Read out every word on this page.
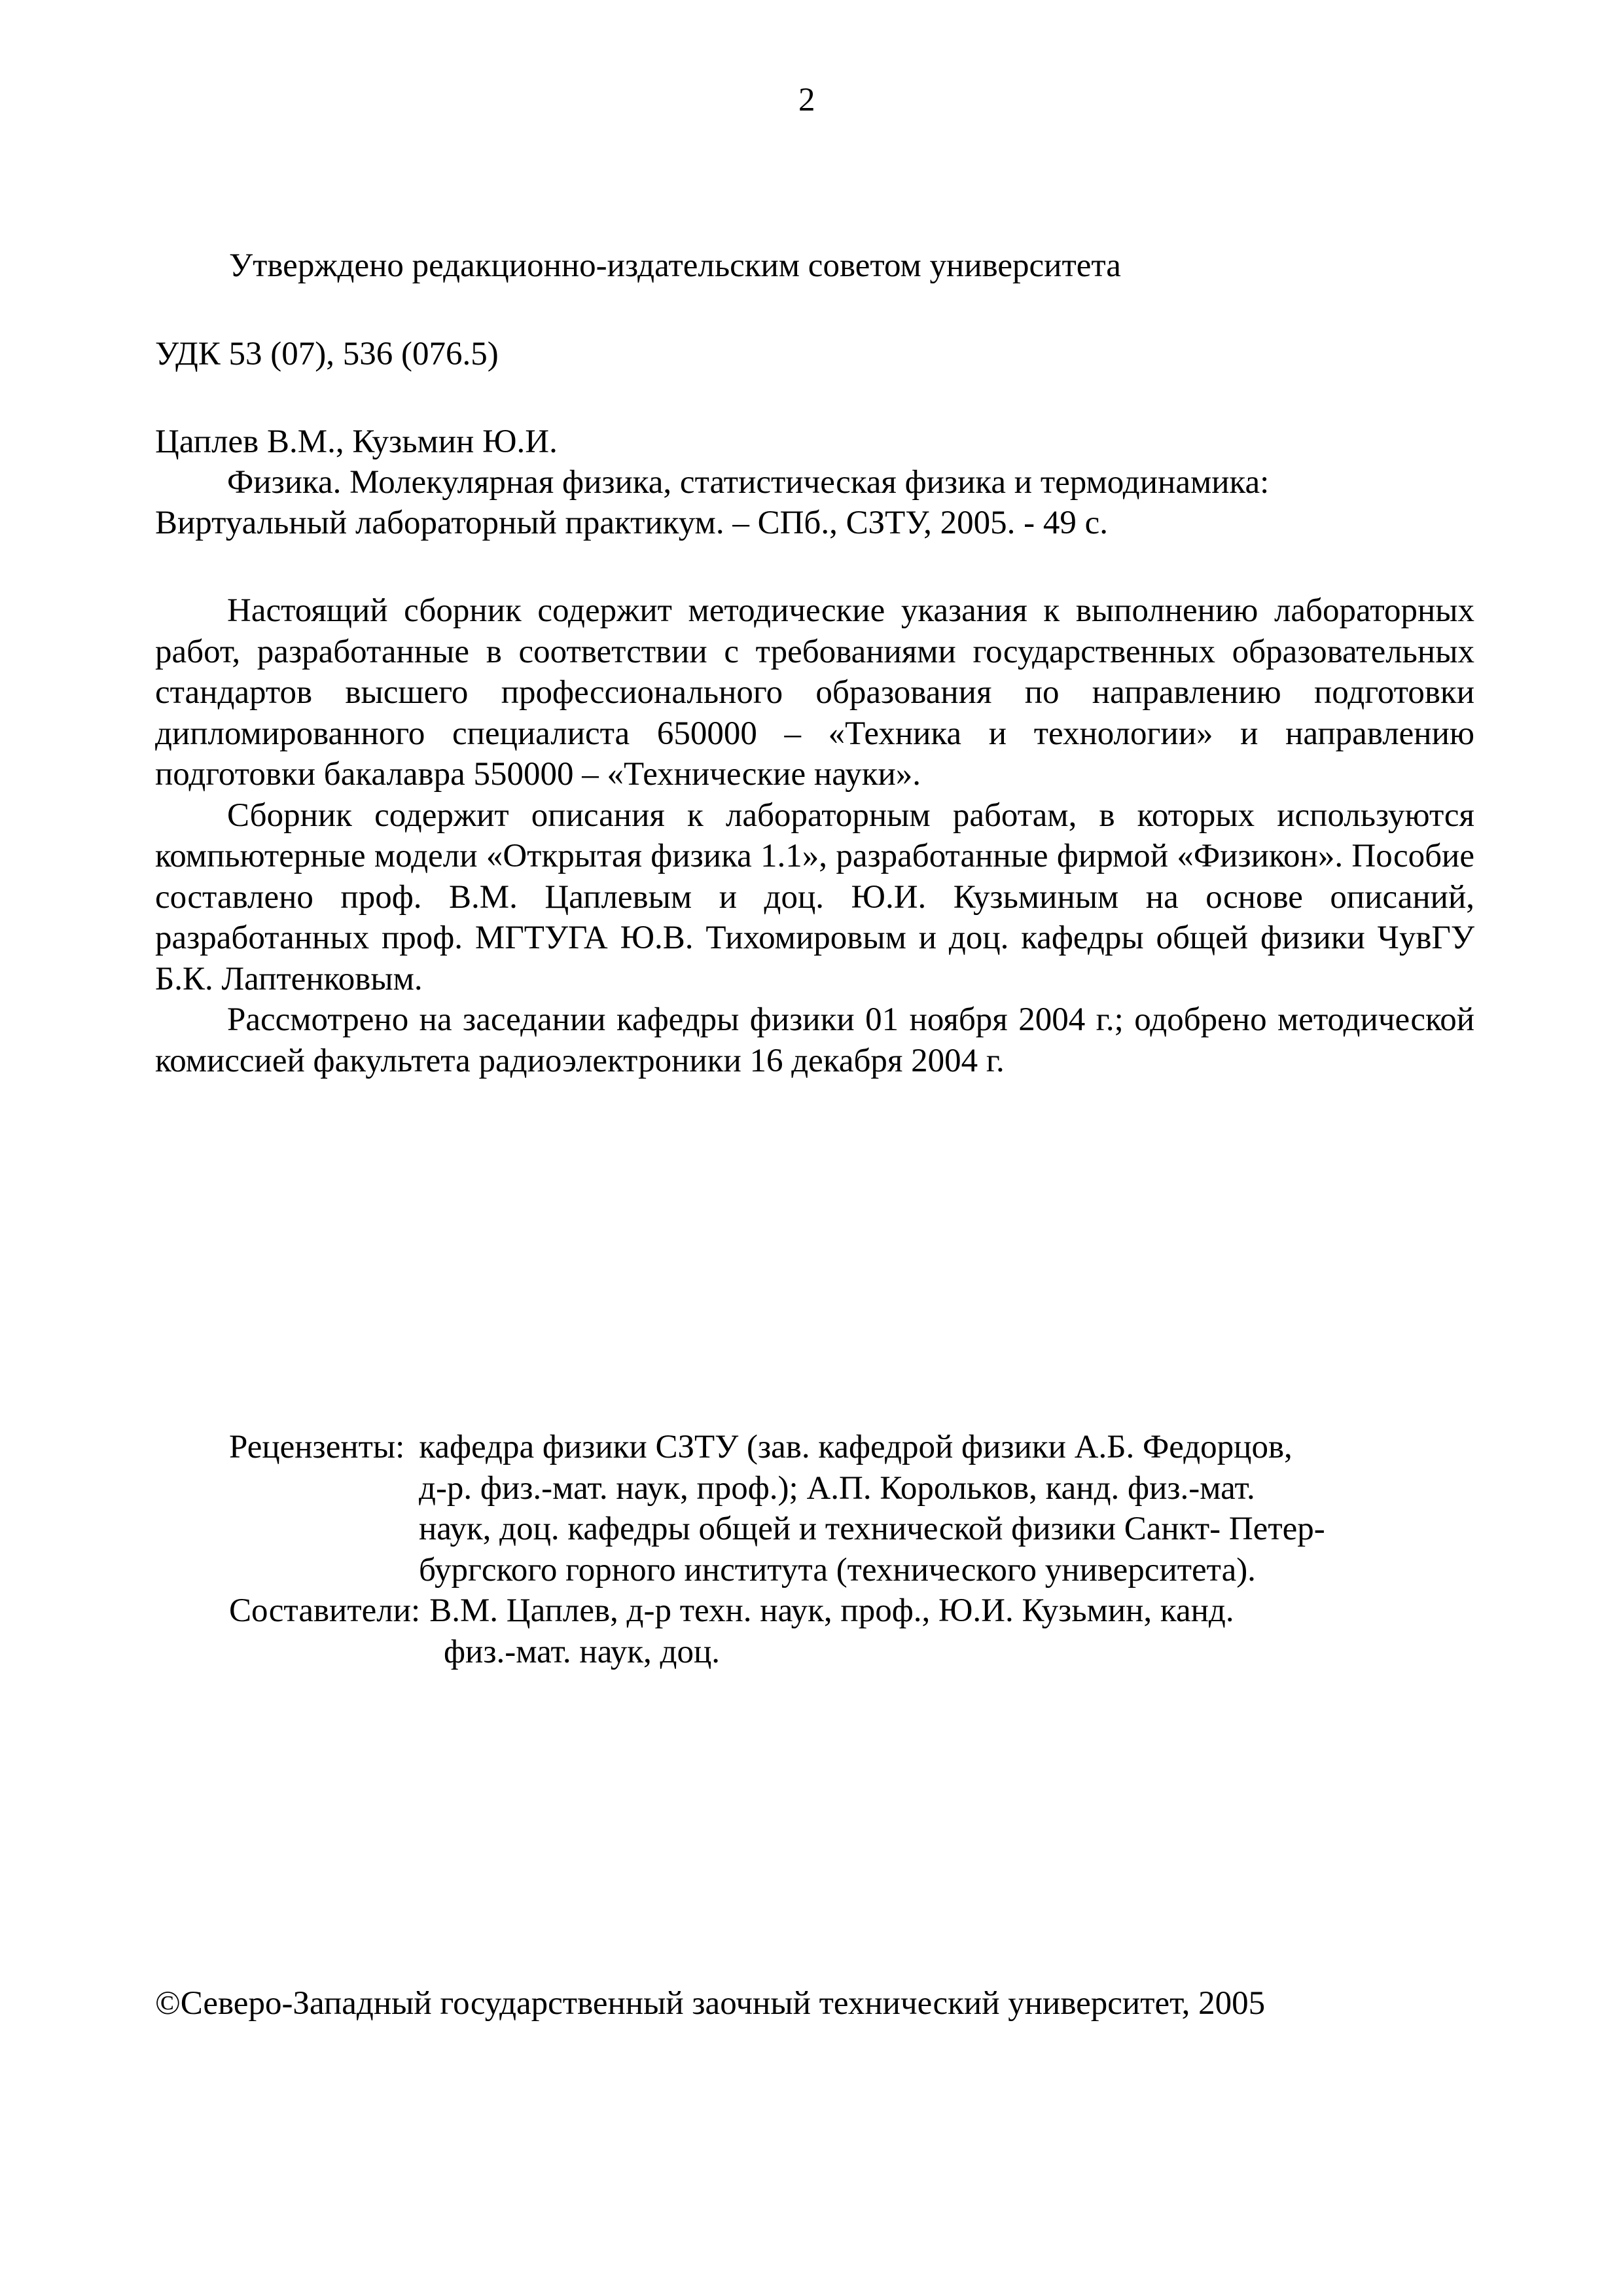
2
Утверждено редакционно-издательским советом университета
УДК 53 (07), 536 (076.5)
Цаплев В.М., Кузьмин Ю.И.
Физика. Молекулярная физика, статистическая физика и термодинамика:
Виртуальный лабораторный практикум. – СПб., СЗТУ, 2005. - 49 с.

Настоящий сборник содержит методические указания к выполнению лабораторных работ, разработанные в соответствии с требованиями государственных образовательных стандартов высшего профессионального образования по направлению подготовки дипломированного специалиста 650000 – «Техника и технологии» и направлению подготовки бакалавра 550000 – «Технические науки».

Сборник содержит описания к лабораторным работам, в которых используются компьютерные модели «Открытая физика 1.1», разработанные фирмой «Физикон». Пособие составлено проф. В.М. Цаплевым и доц. Ю.И. Кузьминым на основе описаний, разработанных проф. МГТУГА Ю.В. Тихомировым и доц. кафедры общей физики ЧувГУ Б.К. Лаптенковым.

Рассмотрено на заседании кафедры физики 01 ноября 2004 г.; одобрено методической комиссией факультета радиоэлектроники 16 декабря 2004 г.

Рецензенты: кафедра физики СЗТУ (зав. кафедрой физики А.Б. Федорцов,
д-р. физ.-мат. наук, проф.); А.П. Корольков, канд. физ.-мат.
наук, доц. кафедры общей и технической физики Санкт- Петер-
бургского горного института (технического университета).
Составители: В.М. Цаплев, д-р техн. наук, проф., Ю.И. Кузьмин, канд.
физ.-мат. наук, доц.
©Северо-Западный государственный заочный технический университет, 2005
